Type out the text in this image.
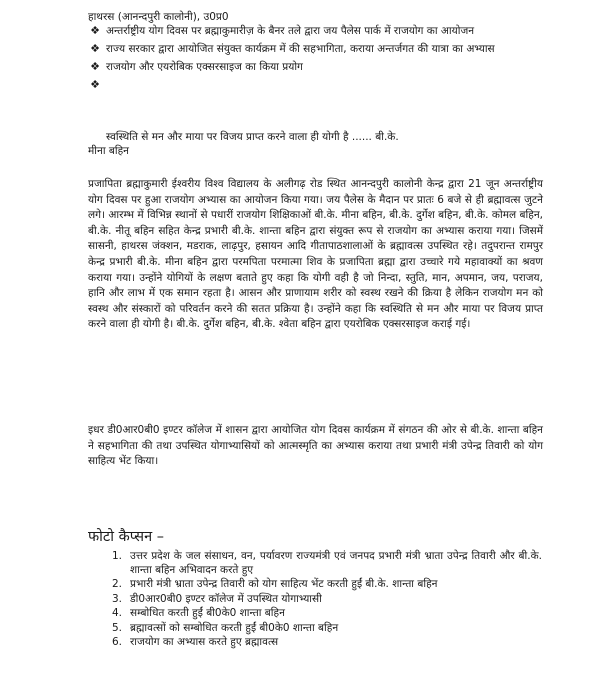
हाथरस (आनन्दपुरी कालोनी), उ0प्र0
❖ अन्तर्राष्ट्रीय योग दिवस पर ब्रह्माकुमारीज़ के बैनर तले द्वारा जय पैलेस पार्क में राजयोग का आयोजन
❖ राज्य सरकार द्वारा आयोजित संयुक्त कार्यक्रम में की सहभागिता, कराया अन्तर्जगत की यात्रा का अभ्यास
❖ राजयोग और एयरोबिक एक्सरसाइज का किया प्रयोग
❖
स्वस्थिति से मन और माया पर विजय प्राप्त करने वाला ही योगी है ...... बी.के.
मीना बहिन

प्रजापिता ब्रह्माकुमारी ईश्वरीय विश्व विद्यालय के अलीगढ़ रोड स्थित आनन्दपुरी कालोनी केन्द्र द्वारा 21 जून अन्तर्राष्ट्रीय योग दिवस पर हुआ राजयोग अभ्यास का आयोजन किया गया। जय पैलेस के मैदान पर प्रातः 6 बजे से ही ब्रह्मावत्स जुटने लगे। आरम्भ में विभिन्न स्थानों से पधारीं राजयोग शिक्षिकाओं बी.के. मीना बहिन, बी.के. दुर्गेश बहिन, बी.के. कोमल बहिन, बी.के. नीतू बहिन सहित केन्द्र प्रभारी बी.के. शान्ता बहिन द्वारा संयुक्त रूप से राजयोग का अभ्यास कराया गया। जिसमें सासनी, हाथरस जंक्शन, मडराक, लाढ़पुर, हसायन आदि गीतापाठशालाओं के ब्रह्मावत्स उपस्थित रहे। तदुपरान्त रामपुर केन्द्र प्रभारी बी.के. मीना बहिन द्वारा परमपिता परमात्मा शिव के प्रजापिता ब्रह्मा द्वारा उच्चारे गये महावाक्यों का श्रवण कराया गया। उन्होंने योगियों के लक्षण बताते हुए कहा कि योगी वही है जो निन्दा, स्तुति, मान, अपमान, जय, पराजय, हानि और लाभ में एक समान रहता है। आसन और प्राणायाम शरीर को स्वस्थ रखने की क्रिया है लेकिन राजयोग मन को स्वस्थ और संस्कारों को परिवर्तन करने की सतत प्रक्रिया है। उन्होंने कहा कि स्वस्थिति से मन और माया पर विजय प्राप्त करने वाला ही योगी है। बी.के. दुर्गेश बहिन, बी.के. श्वेता बहिन द्वारा एयरोबिक एक्सरसाइज कराई गई।

इधर डी0आर0बी0 इण्टर कॉलेज में शासन द्वारा आयोजित योग दिवस कार्यक्रम में संगठन की ओर से बी.के. शान्ता बहिन ने सहभागिता की तथा उपस्थित योगाभ्यासियों को आत्मस्मृति का अभ्यास कराया तथा प्रभारी मंत्री उपेन्द्र तिवारी को योग साहित्य भेंट किया।

फोटो कैप्सन –
1. उत्तर प्रदेश के जल संसाधन, वन, पर्यावरण राज्यमंत्री एवं जनपद प्रभारी मंत्री भ्राता उपेन्द्र तिवारी और बी.के. शान्ता बहिन अभिवादन करते हुए
2. प्रभारी मंत्री भ्राता उपेन्द्र तिवारी को योग साहित्य भेंट करती हुईं बी.के. शान्ता बहिन
3. डी0आर0बी0 इण्टर कॉलेज में उपस्थित योगाभ्यासी
4. सम्बोधित करती हुईं बी0के0 शान्ता बहिन
5. ब्रह्मावत्सों को सम्बोधित करती हुईं बी0के0 शान्ता बहिन
6. राजयोग का अभ्यास करते हुए ब्रह्मावत्स
